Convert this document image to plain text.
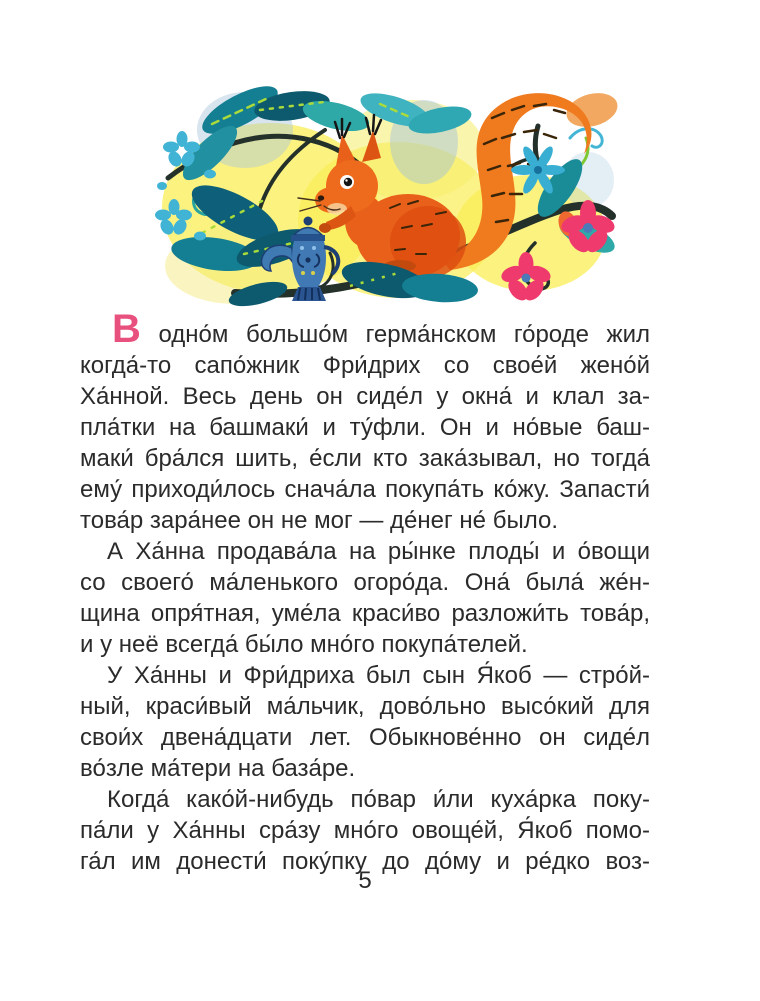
В одно́м большо́м герма́нском го́роде жил
когда́-то сапо́жник Фри́дрих со свое́й жено́й
Ха́нной. Весь день он сиде́л у окна́ и клал за-
пла́тки на башмаки́ и ту́фли. Он и но́вые баш-
маки́ бра́лся шить, е́сли кто зака́зывал, но тогда́
ему́ приходи́лось снача́ла покупа́ть ко́жу. Запасти́
това́р зара́нее он не мог — де́нег не́ было.
А Ха́нна продава́ла на ры́нке плоды́ и о́вощи
со своего́ ма́ленького огоро́да. Она́ была́ же́н-
щина опря́тная, уме́ла краси́во разложи́ть това́р,
и у неё всегда́ бы́ло мно́го покупа́телей.
У Ха́нны и Фри́дриха был сын Я́коб — стро́й-
ный, краси́вый ма́льчик, дово́льно высо́кий для
свои́х двена́дцати лет. Обыкнове́нно он сиде́л
во́зле ма́тери на база́ре.
Когда́ како́й-нибудь по́вар и́ли куха́рка поку-
па́ли у Ха́нны сра́зу мно́го овоще́й, Я́коб помо-
га́л им донести́ поку́пку до до́му и ре́дко воз-
5
